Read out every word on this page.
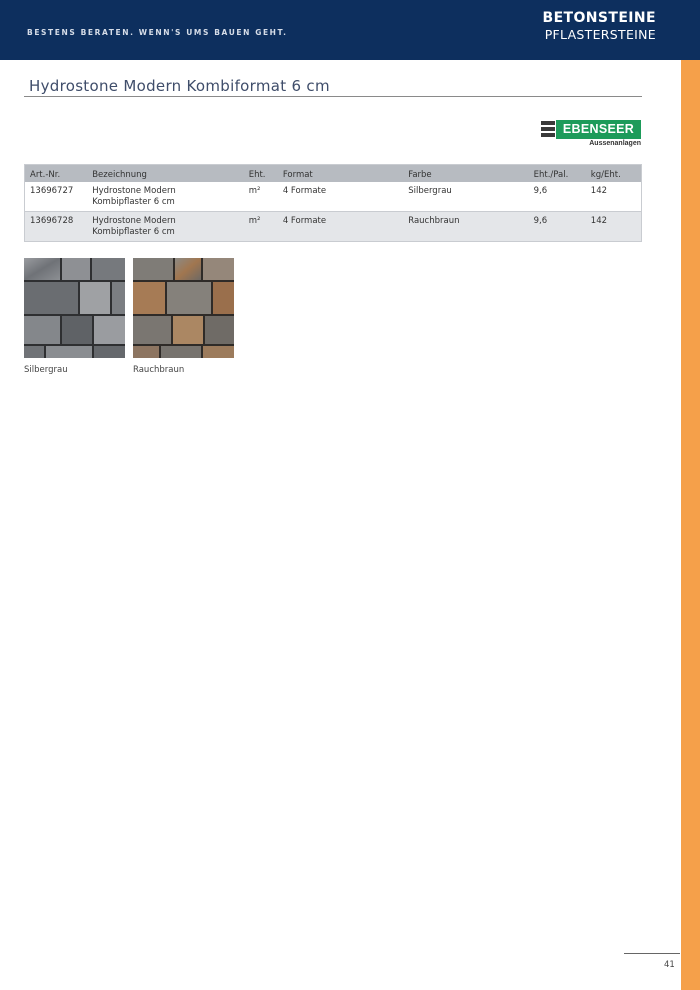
BESTENS BERATEN. WENN'S UMS BAUEN GEHT.
BETONSTEINE
PFLASTERSTEINE
Hydrostone Modern Kombiformat 6 cm
EBENSEER
Aussenanlagen
Art.-Nr.	Bezeichnung	Eht.	Format	Farbe	Eht./Pal.	kg/Eht.
13696727	Hydrostone Modern
Kombipflaster 6 cm	m²	4 Formate	Silbergrau	9,6	142
13696728	Hydrostone Modern
Kombipflaster 6 cm	m²	4 Formate	Rauchbraun	9,6	142
Silbergrau	Rauchbraun
41
